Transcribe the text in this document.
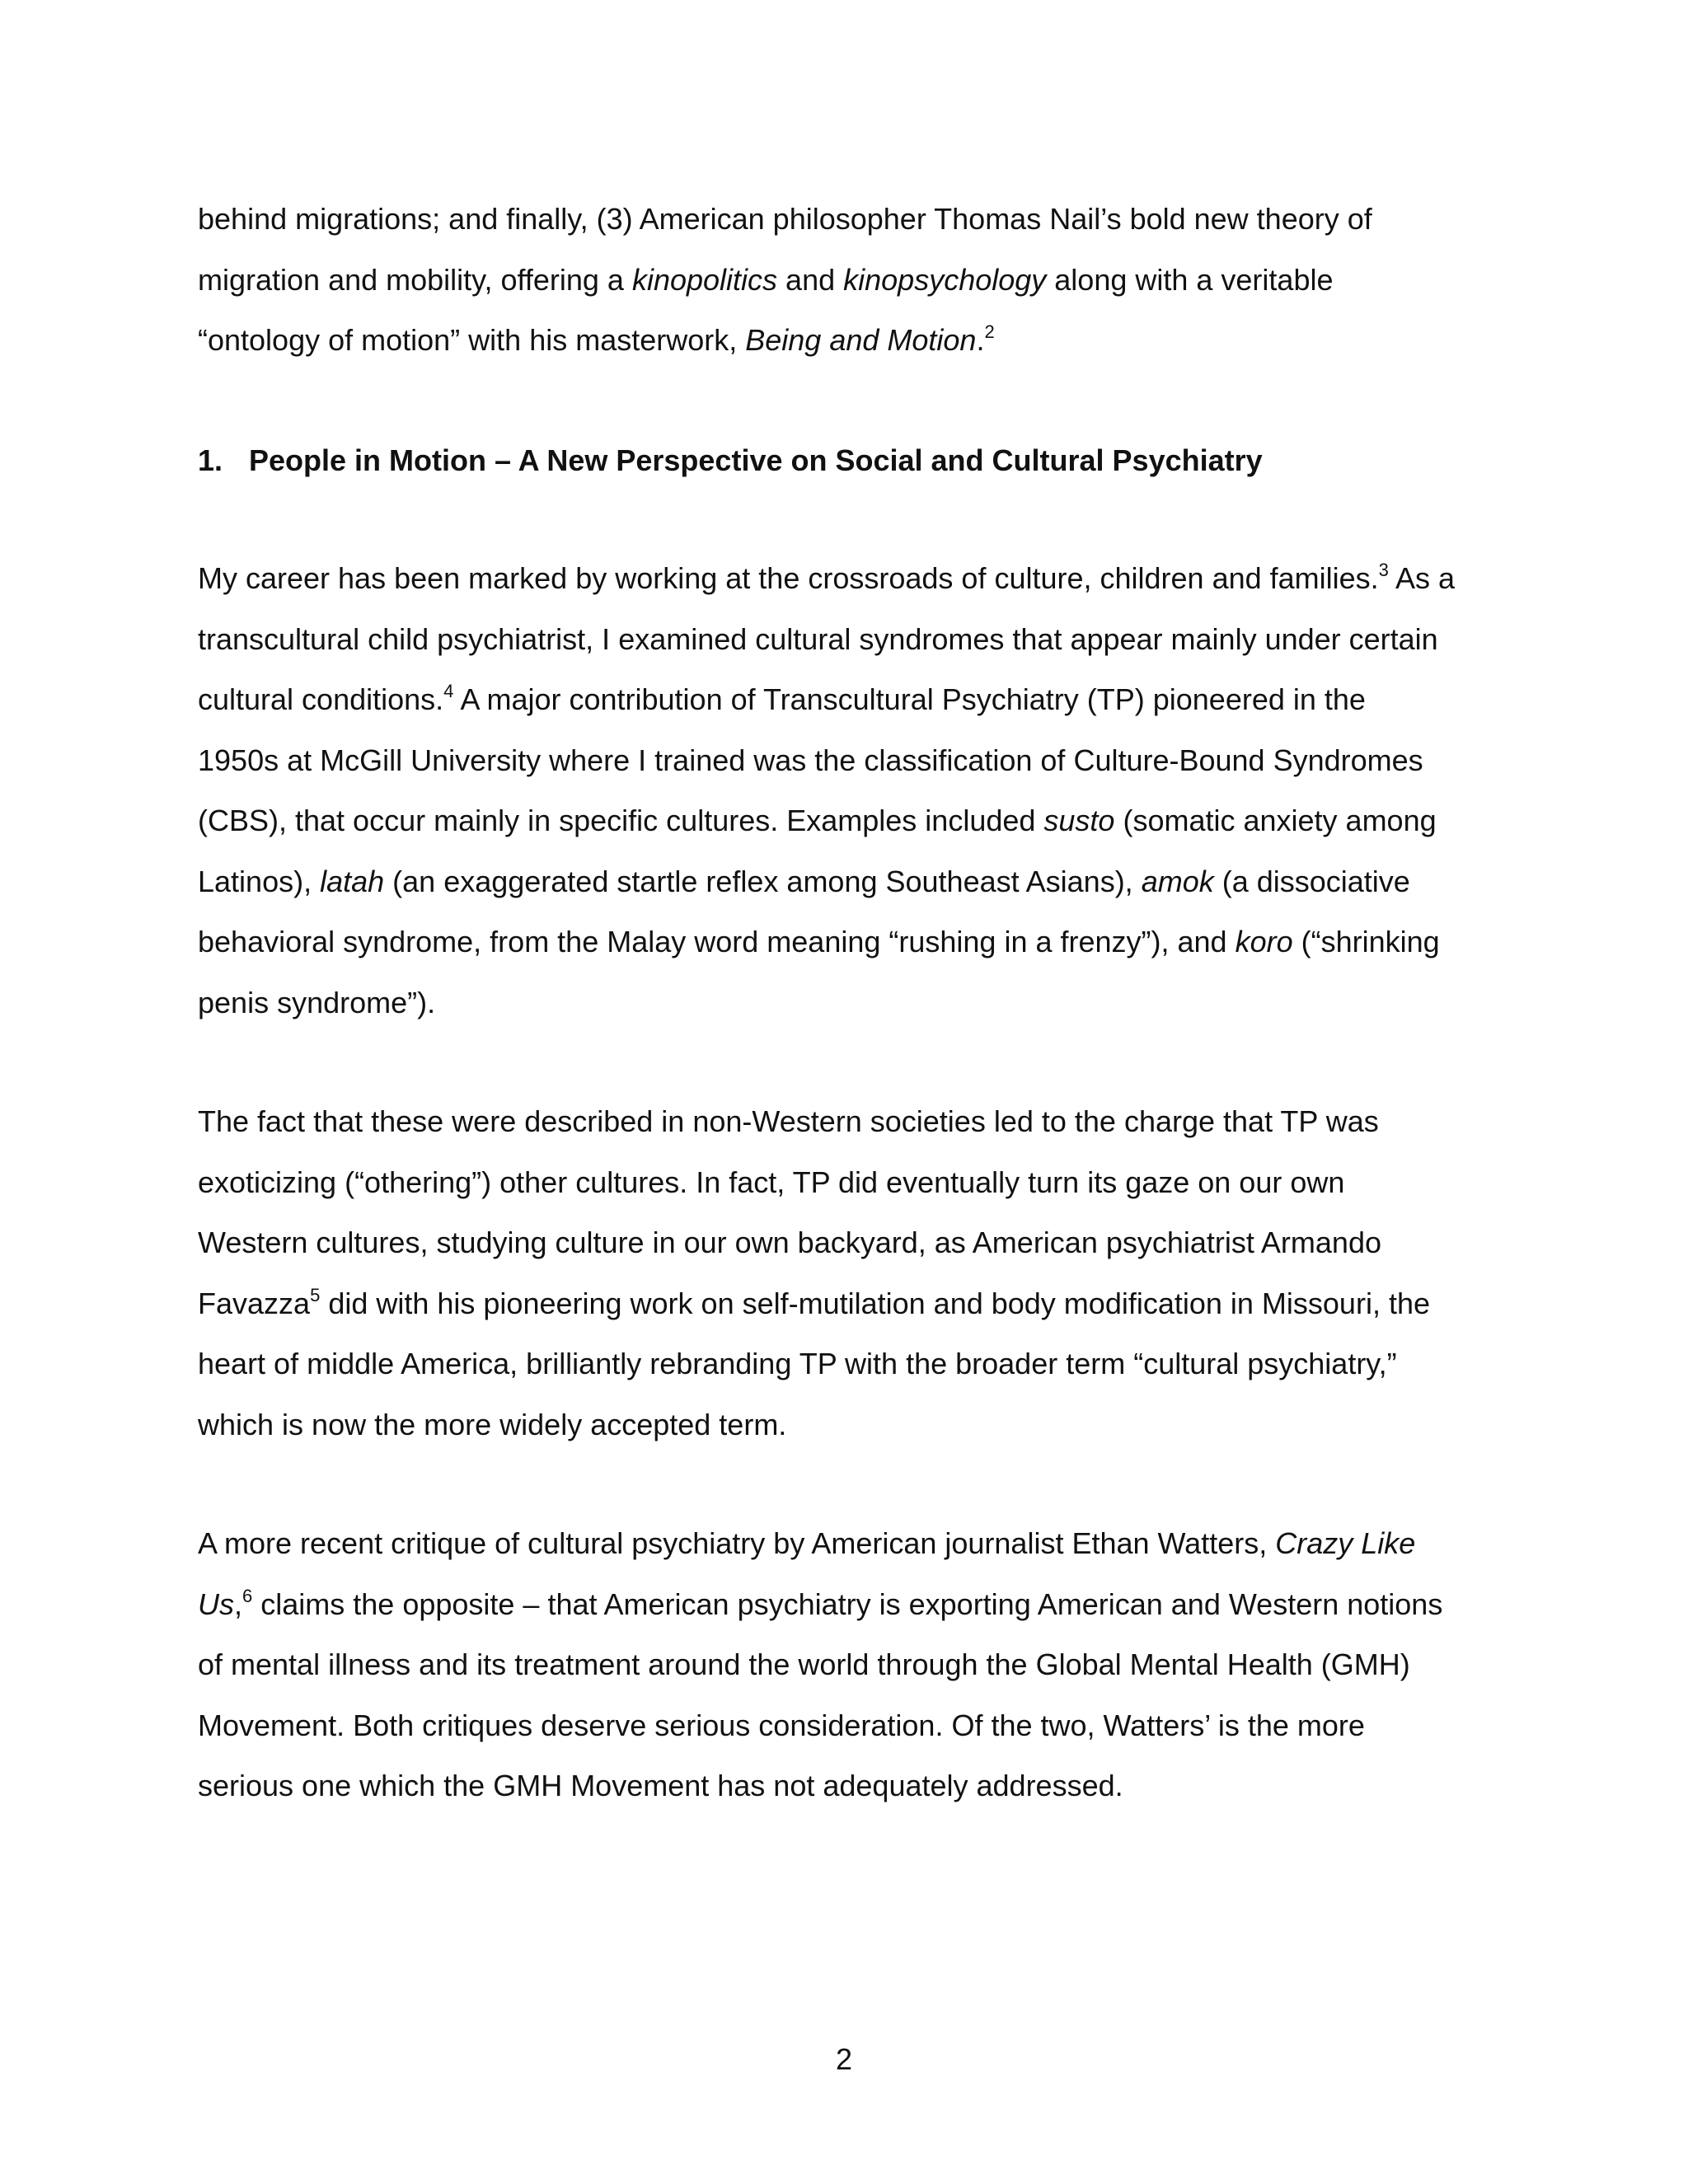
behind migrations; and finally, (3) American philosopher Thomas Nail’s bold new theory of
migration and mobility, offering a kinopolitics and kinopsychology along with a veritable
“ontology of motion” with his masterwork, Being and Motion.$^2$
1. People in Motion – A New Perspective on Social and Cultural Psychiatry
My career has been marked by working at the crossroads of culture, children and families.$^3$ As a
transcultural child psychiatrist, I examined cultural syndromes that appear mainly under certain
cultural conditions.$^4$ A major contribution of Transcultural Psychiatry (TP) pioneered in the
1950s at McGill University where I trained was the classification of Culture-Bound Syndromes
(CBS), that occur mainly in specific cultures. Examples included susto (somatic anxiety among
Latinos), latah (an exaggerated startle reflex among Southeast Asians), amok (a dissociative
behavioral syndrome, from the Malay word meaning “rushing in a frenzy”), and koro (“shrinking
penis syndrome”).
The fact that these were described in non-Western societies led to the charge that TP was
exoticizing (“othering”) other cultures. In fact, TP did eventually turn its gaze on our own
Western cultures, studying culture in our own backyard, as American psychiatrist Armando
Favazza$^5$ did with his pioneering work on self-mutilation and body modification in Missouri, the
heart of middle America, brilliantly rebranding TP with the broader term “cultural psychiatry,”
which is now the more widely accepted term.
A more recent critique of cultural psychiatry by American journalist Ethan Watters, Crazy Like
Us,$^6$ claims the opposite – that American psychiatry is exporting American and Western notions
of mental illness and its treatment around the world through the Global Mental Health (GMH)
Movement. Both critiques deserve serious consideration. Of the two, Watters’ is the more
serious one which the GMH Movement has not adequately addressed.
2
